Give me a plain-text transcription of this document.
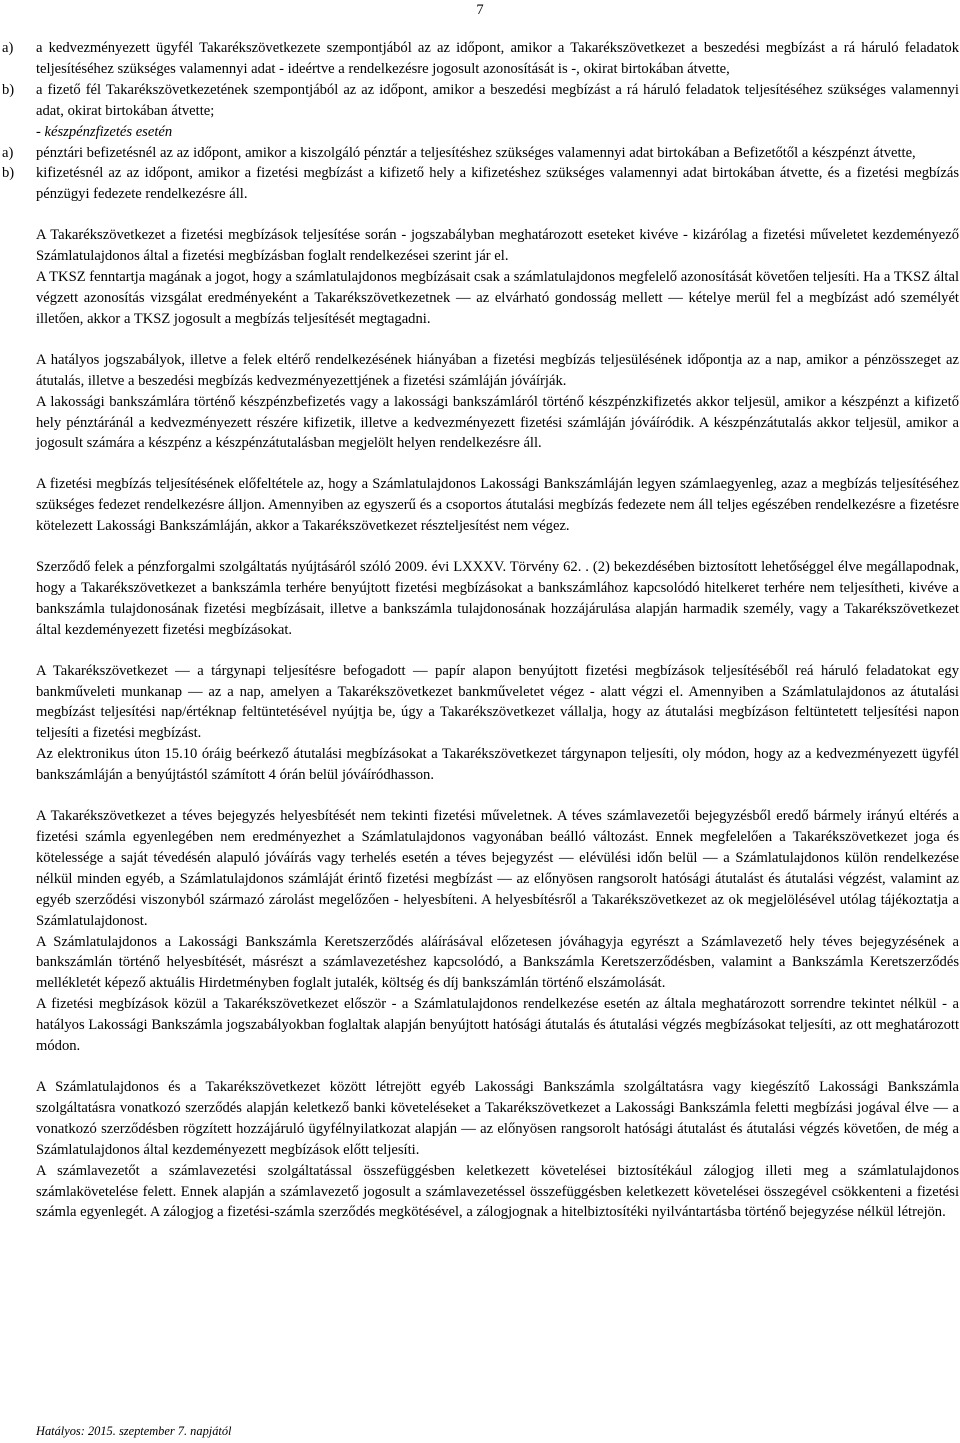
7
a)	a kedvezményezett ügyfél Takarékszövetkezete szempontjából az az időpont, amikor a Takarékszövetkezet a beszedési megbízást a rá háruló feladatok teljesítéséhez szükséges valamennyi adat - ideértve a rendelkezésre jogosult azonosítását is -, okirat birtokában átvette,
b)	a fizető fél Takarékszövetkezetének szempontjából az az időpont, amikor a beszedési megbízást a rá háruló feladatok teljesítéséhez szükséges valamennyi adat, okirat birtokában átvette;

- készpénzfizetés esetén

a)	pénztári befizetésnél az az időpont, amikor a kiszolgáló pénztár a teljesítéshez szükséges valamennyi adat birtokában a Befizetőtől a készpénzt átvette,
b)	kifizetésnél az az időpont, amikor a fizetési megbízást a kifizető hely a kifizetéshez szükséges valamennyi adat birtokában átvette, és a fizetési megbízás pénzügyi fedezete rendelkezésre áll.

A Takarékszövetkezet a fizetési megbízások teljesítése során - jogszabályban meghatározott eseteket kivéve - kizárólag a fizetési műveletet kezdeményező Számlatulajdonos által a fizetési megbízásban foglalt rendelkezései szerint jár el.

A TKSZ fenntartja magának a jogot, hogy a számlatulajdonos megbízásait csak a számlatulajdonos megfelelő azonosítását követően teljesíti. Ha a TKSZ által végzett azonosítás vizsgálat eredményeként a Takarékszövetkezetnek — az elvárható gondosság mellett — kételye merül fel a megbízást adó személyét illetően, akkor a TKSZ jogosult a megbízás teljesítését megtagadni.

A hatályos jogszabályok, illetve a felek eltérő rendelkezésének hiányában a fizetési megbízás teljesülésének időpontja az a nap, amikor a pénzösszeget az átutalás, illetve a beszedési megbízás kedvezményezettjének a fizetési számláján jóváírják.

A lakossági bankszámlára történő készpénzbefizetés vagy a lakossági bankszámláról történő készpénzkifizetés akkor teljesül, amikor a készpénzt a kifizető hely pénztáránál a kedvezményezett részére kifizetik, illetve a kedvezményezett fizetési számláján jóváíródik. A készpénzátutalás akkor teljesül, amikor a jogosult számára a készpénz a készpénzátutalásban megjelölt helyen rendelkezésre áll.

A fizetési megbízás teljesítésének előfeltétele az, hogy a Számlatulajdonos Lakossági Bankszámláján legyen számlaegyenleg, azaz a megbízás teljesítéséhez szükséges fedezet rendelkezésre álljon. Amennyiben az egyszerű és a csoportos átutalási megbízás fedezete nem áll teljes egészében rendelkezésre a fizetésre kötelezett Lakossági Bankszámláján, akkor a Takarékszövetkezet részteljesítést nem végez.

Szerződő felek a pénzforgalmi szolgáltatás nyújtásáról szóló 2009. évi LXXXV. Törvény 62. . (2) bekezdésében biztosított lehetőséggel élve megállapodnak, hogy a Takarékszövetkezet a bankszámla terhére benyújtott fizetési megbízásokat a bankszámlához kapcsolódó hitelkeret terhére nem teljesítheti, kivéve a bankszámla tulajdonosának fizetési megbízásait, illetve a bankszámla tulajdonosának hozzájárulása alapján harmadik személy, vagy a Takarékszövetkezet által kezdeményezett fizetési megbízásokat.

A Takarékszövetkezet — a tárgynapi teljesítésre befogadott — papír alapon benyújtott fizetési megbízások teljesítéséből reá háruló feladatokat egy bankműveleti munkanap — az a nap, amelyen a Takarékszövetkezet bankműveletet végez - alatt végzi el. Amennyiben a Számlatulajdonos az átutalási megbízást teljesítési nap/értéknap feltüntetésével nyújtja be, úgy a Takarékszövetkezet vállalja, hogy az átutalási megbízáson feltüntetett teljesítési napon teljesíti a fizetési megbízást.

Az elektronikus úton 15.10 óráig beérkező átutalási megbízásokat a Takarékszövetkezet tárgynapon teljesíti, oly módon, hogy az a kedvezményezett ügyfél bankszámláján a benyújtástól számított 4 órán belül jóváíródhasson.

A Takarékszövetkezet a téves bejegyzés helyesbítését nem tekinti fizetési műveletnek. A téves számlavezetői bejegyzésből eredő bármely irányú eltérés a fizetési számla egyenlegében nem eredményezhet a Számlatulajdonos vagyonában beálló változást. Ennek megfelelően a Takarékszövetkezet joga és kötelessége a saját tévedésén alapuló jóváírás vagy terhelés esetén a téves bejegyzést — elévülési időn belül — a Számlatulajdonos külön rendelkezése nélkül minden egyéb, a Számlatulajdonos számláját érintő fizetési megbízást — az előnyösen rangsorolt hatósági átutalást és átutalási végzést, valamint az egyéb szerződési viszonyból származó zárolást megelőzően - helyesbíteni. A helyesbítésről a Takarékszövetkezet az ok megjelölésével utólag tájékoztatja a Számlatulajdonost.

A Számlatulajdonos a Lakossági Bankszámla Keretszerződés aláírásával előzetesen jóváhagyja egyrészt a Számlavezető hely téves bejegyzésének a bankszámlán történő helyesbítését, másrészt a számlavezetéshez kapcsolódó, a Bankszámla Keretszerződésben, valamint a Bankszámla Keretszerződés mellékletét képező aktuális Hirdetményben foglalt jutalék, költség és díj bankszámlán történő elszámolását.

A fizetési megbízások közül a Takarékszövetkezet először - a Számlatulajdonos rendelkezése esetén az általa meghatározott sorrendre tekintet nélkül - a hatályos Lakossági Bankszámla jogszabályokban foglaltak alapján benyújtott hatósági átutalás és átutalási végzés megbízásokat teljesíti, az ott meghatározott módon.

A Számlatulajdonos és a Takarékszövetkezet között létrejött egyéb Lakossági Bankszámla szolgáltatásra vagy kiegészítő Lakossági Bankszámla szolgáltatásra vonatkozó szerződés alapján keletkező banki követeléseket a Takarékszövetkezet a Lakossági Bankszámla feletti megbízási jogával élve — a vonatkozó szerződésben rögzített hozzájáruló ügyfélnyilatkozat alapján — az előnyösen rangsorolt hatósági átutalást és átutalási végzés követően, de még a Számlatulajdonos által kezdeményezett megbízások előtt teljesíti.

A számlavezetőt a számlavezetési szolgáltatással összefüggésben keletkezett követelései biztosítékául zálogjog illeti meg a számlatulajdonos számlakövetelése felett. Ennek alapján a számlavezető jogosult a számlavezetéssel összefüggésben keletkezett követelései összegével csökkenteni a fizetési számla egyenlegét. A zálogjog a fizetési-számla szerződés megkötésével, a zálogjognak a hitelbiztosítéki nyilvántartásba történő bejegyzése nélkül létrejön.

Hatályos: 2015. szeptember 7. napjától
